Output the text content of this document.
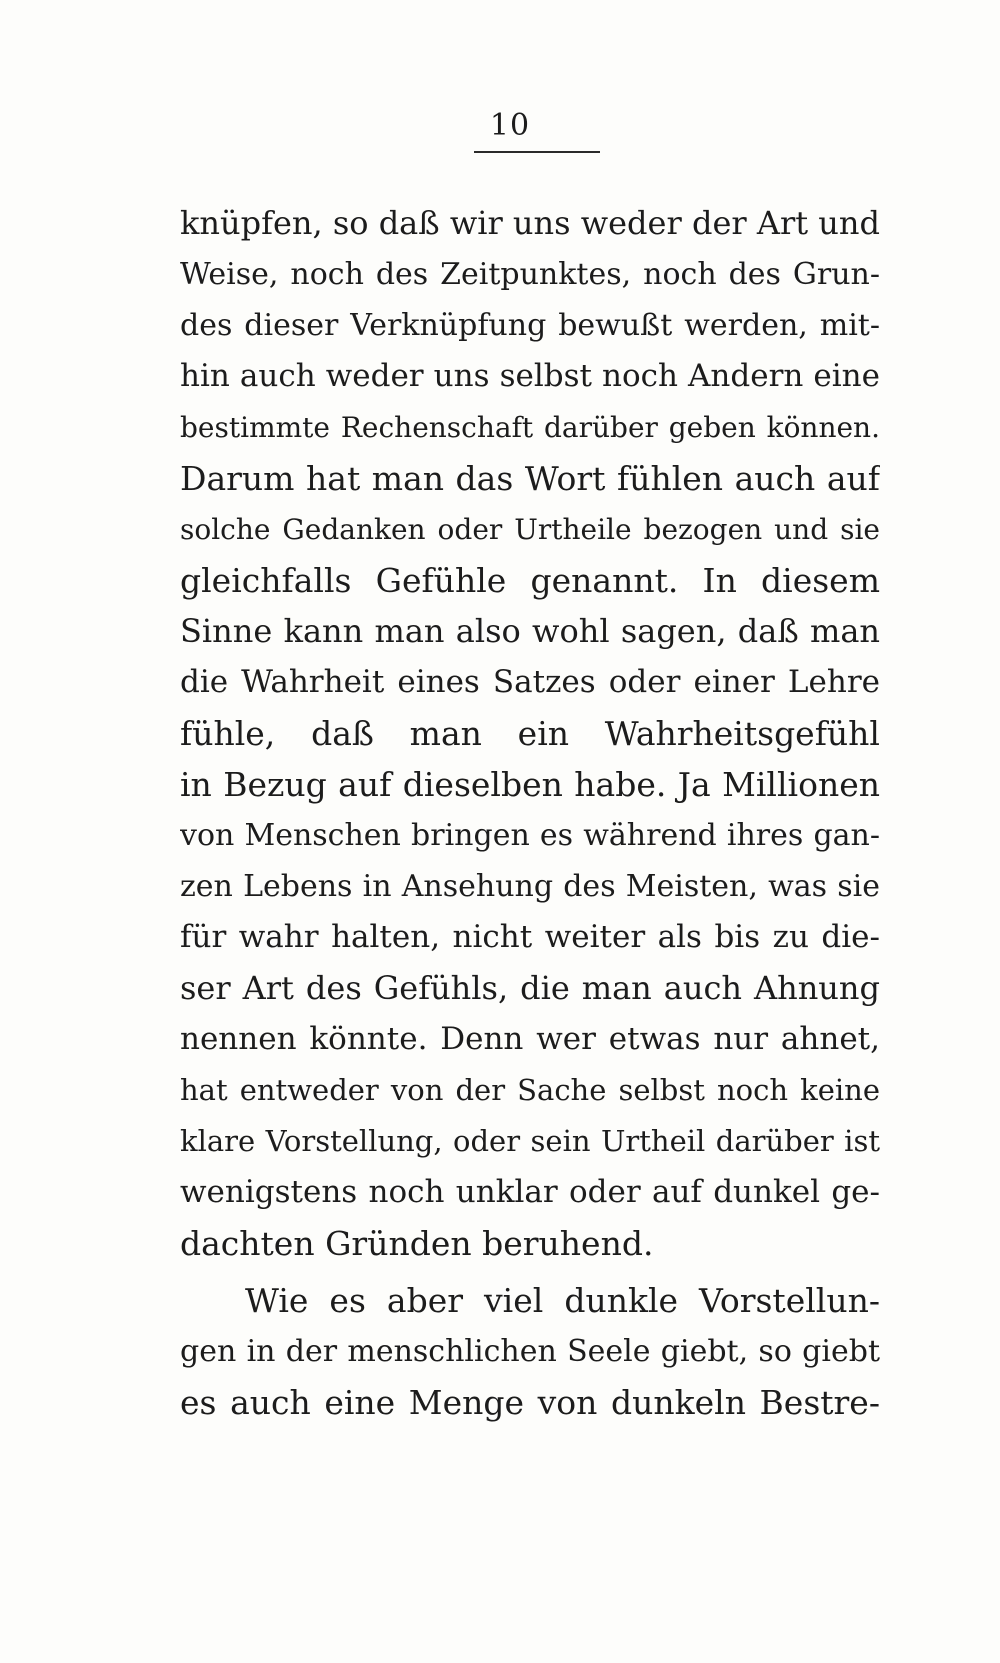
10
knüpfen, so daß wir uns weder der Art und
Weise, noch des Zeitpunktes, noch des Grun-
des dieser Verknüpfung bewußt werden, mit-
hin auch weder uns selbst noch Andern eine
bestimmte Rechenschaft darüber geben können.
Darum hat man das Wort fühlen auch auf
solche Gedanken oder Urtheile bezogen und sie
gleichfalls Gefühle genannt. In diesem
Sinne kann man also wohl sagen, daß man
die Wahrheit eines Satzes oder einer Lehre
fühle, daß man ein Wahrheitsgefühl
in Bezug auf dieselben habe. Ja Millionen
von Menschen bringen es während ihres gan-
zen Lebens in Ansehung des Meisten, was sie
für wahr halten, nicht weiter als bis zu die-
ser Art des Gefühls, die man auch Ahnung
nennen könnte. Denn wer etwas nur ahnet,
hat entweder von der Sache selbst noch keine
klare Vorstellung, oder sein Urtheil darüber ist
wenigstens noch unklar oder auf dunkel ge-
dachten Gründen beruhend.
Wie es aber viel dunkle Vorstellun-
gen in der menschlichen Seele giebt, so giebt
es auch eine Menge von dunkeln Bestre-
